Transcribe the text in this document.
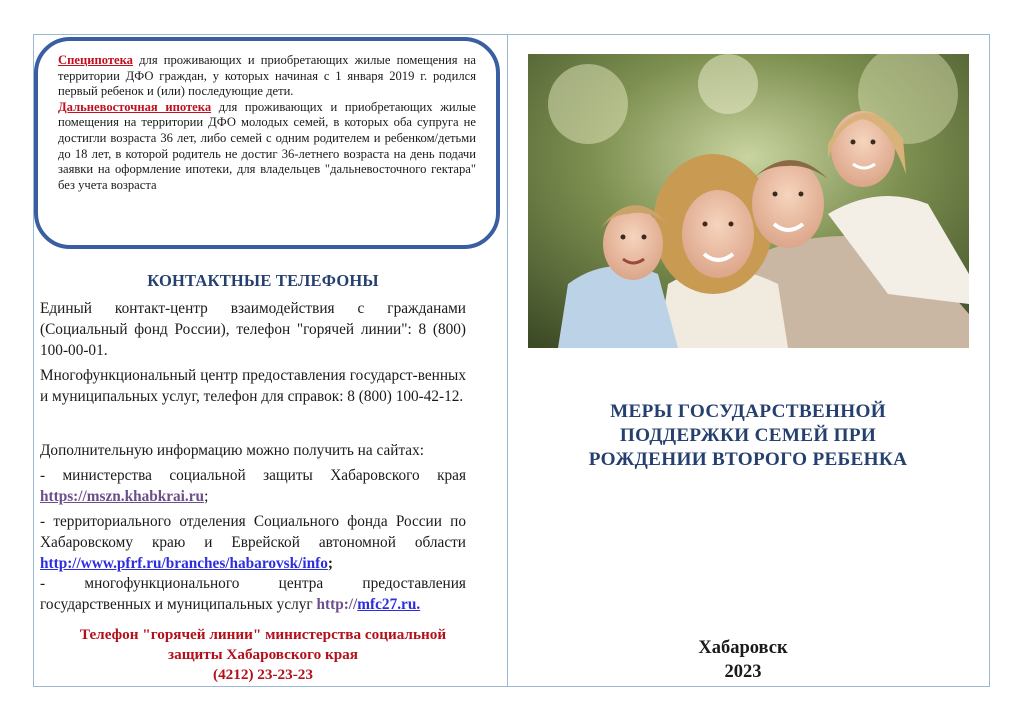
Специпотека для проживающих и приобретающих жилые помещения на территории ДФО граждан, у которых начиная с 1 января 2019 г. родился первый ребенок и (или) последующие дети.

Дальневосточная ипотека для проживающих и приобретающих жилые помещения на территории ДФО молодых семей, в которых оба супруга не достигли возраста 36 лет, либо семей с одним родителем и ребенком/детьми до 18 лет, в которой родитель не достиг 36-летнего возраста на день подачи заявки на оформление ипотеки, для владельцев "дальневосточного гектара" без учета возраста

КОНТАКТНЫЕ ТЕЛЕФОНЫ

Единый контакт-центр взаимодействия с гражданами (Социальный фонд России), телефон "горячей линии": 8 (800) 100-00-01.

Многофункциональный центр предоставления государст-венных и муниципальных услуг, телефон для справок: 8 (800) 100-42-12.

Дополнительную информацию можно получить на сайтах:

- министерства социальной защиты Хабаровского края https://mszn.khabkrai.ru;

- территориального отделения Социального фонда России по Хабаровскому краю и Еврейской автономной области http://www.pfrf.ru/branches/habarovsk/info;

-	многофункционального	центра	предоставления
государственных и муниципальных услуг http://mfc27.ru.
Телефон "горячей линии" министерства социальной
защиты Хабаровского края
(4212) 23-23-23
МЕРЫ ГОСУДАРСТВЕННОЙ
ПОДДЕРЖКИ СЕМЕЙ ПРИ
РОЖДЕНИИ ВТОРОГО РЕБЕНКА
Хабаровск
2023
